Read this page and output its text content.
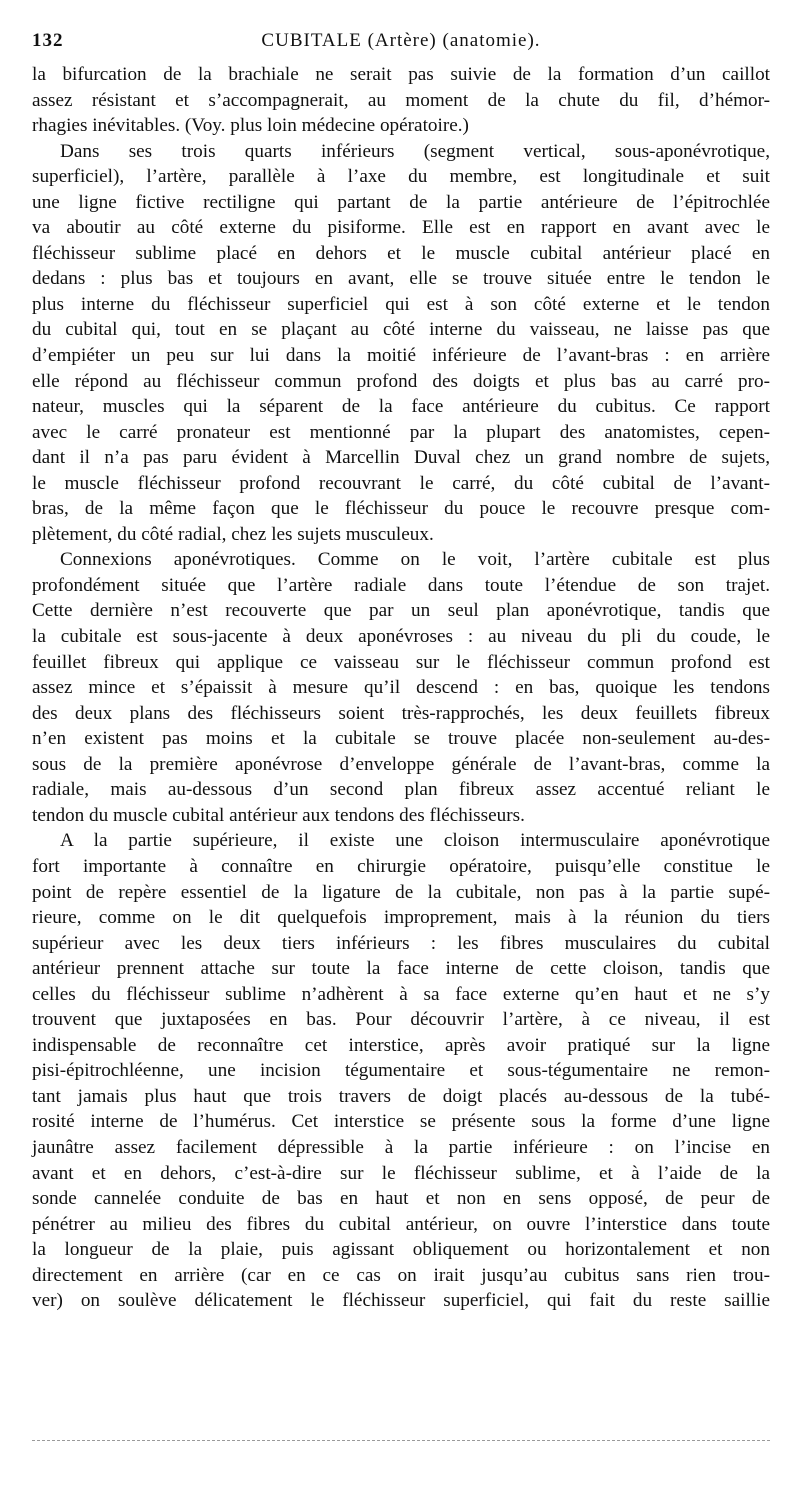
CUBITALE (Artère) (anatomie).
132
la bifurcation de la brachiale ne serait pas suivie de la formation d’un caillot
assez résistant et s’accompagnerait, au moment de la chute du fil, d’hémor-
rhagies inévitables. (Voy. plus loin médecine opératoire.)
Dans ses trois quarts inférieurs (segment vertical, sous-aponévrotique,
superficiel), l’artère, parallèle à l’axe du membre, est longitudinale et suit
une ligne fictive rectiligne qui partant de la partie antérieure de l’épitrochlée
va aboutir au côté externe du pisiforme. Elle est en rapport en avant avec le
fléchisseur sublime placé en dehors et le muscle cubital antérieur placé en
dedans : plus bas et toujours en avant, elle se trouve située entre le tendon le
plus interne du fléchisseur superficiel qui est à son côté externe et le tendon
du cubital qui, tout en se plaçant au côté interne du vaisseau, ne laisse pas que
d’empiéter un peu sur lui dans la moitié inférieure de l’avant-bras : en arrière
elle répond au fléchisseur commun profond des doigts et plus bas au carré pro-
nateur, muscles qui la séparent de la face antérieure du cubitus. Ce rapport
avec le carré pronateur est mentionné par la plupart des anatomistes, cepen-
dant il n’a pas paru évident à Marcellin Duval chez un grand nombre de sujets,
le muscle fléchisseur profond recouvrant le carré, du côté cubital de l’avant-
bras, de la même façon que le fléchisseur du pouce le recouvre presque com-
plètement, du côté radial, chez les sujets musculeux.
Connexions aponévrotiques. Comme on le voit, l’artère cubitale est plus
profondément située que l’artère radiale dans toute l’étendue de son trajet.
Cette dernière n’est recouverte que par un seul plan aponévrotique, tandis que
la cubitale est sous-jacente à deux aponévroses : au niveau du pli du coude, le
feuillet fibreux qui applique ce vaisseau sur le fléchisseur commun profond est
assez mince et s’épaissit à mesure qu’il descend : en bas, quoique les tendons
des deux plans des fléchisseurs soient très-rapprochés, les deux feuillets fibreux
n’en existent pas moins et la cubitale se trouve placée non-seulement au-des-
sous de la première aponévrose d’enveloppe générale de l’avant-bras, comme la
radiale, mais au-dessous d’un second plan fibreux assez accentué reliant le
tendon du muscle cubital antérieur aux tendons des fléchisseurs.
A la partie supérieure, il existe une cloison intermusculaire aponévrotique
fort importante à connaître en chirurgie opératoire, puisqu’elle constitue le
point de repère essentiel de la ligature de la cubitale, non pas à la partie supé-
rieure, comme on le dit quelquefois improprement, mais à la réunion du tiers
supérieur avec les deux tiers inférieurs : les fibres musculaires du cubital
antérieur prennent attache sur toute la face interne de cette cloison, tandis que
celles du fléchisseur sublime n’adhèrent à sa face externe qu’en haut et ne s’y
trouvent que juxtaposées en bas. Pour découvrir l’artère, à ce niveau, il est
indispensable de reconnaître cet interstice, après avoir pratiqué sur la ligne
pisi-épitrochléenne, une incision tégumentaire et sous-tégumentaire ne remon-
tant jamais plus haut que trois travers de doigt placés au-dessous de la tubé-
rosité interne de l’humérus. Cet interstice se présente sous la forme d’une ligne
jaunâtre assez facilement dépressible à la partie inférieure : on l’incise en
avant et en dehors, c’est-à-dire sur le fléchisseur sublime, et à l’aide de la
sonde cannelée conduite de bas en haut et non en sens opposé, de peur de
pénétrer au milieu des fibres du cubital antérieur, on ouvre l’interstice dans toute
la longueur de la plaie, puis agissant obliquement ou horizontalement et non
directement en arrière (car en ce cas on irait jusqu’au cubitus sans rien trou-
ver) on soulève délicatement le fléchisseur superficiel, qui fait du reste saillie
